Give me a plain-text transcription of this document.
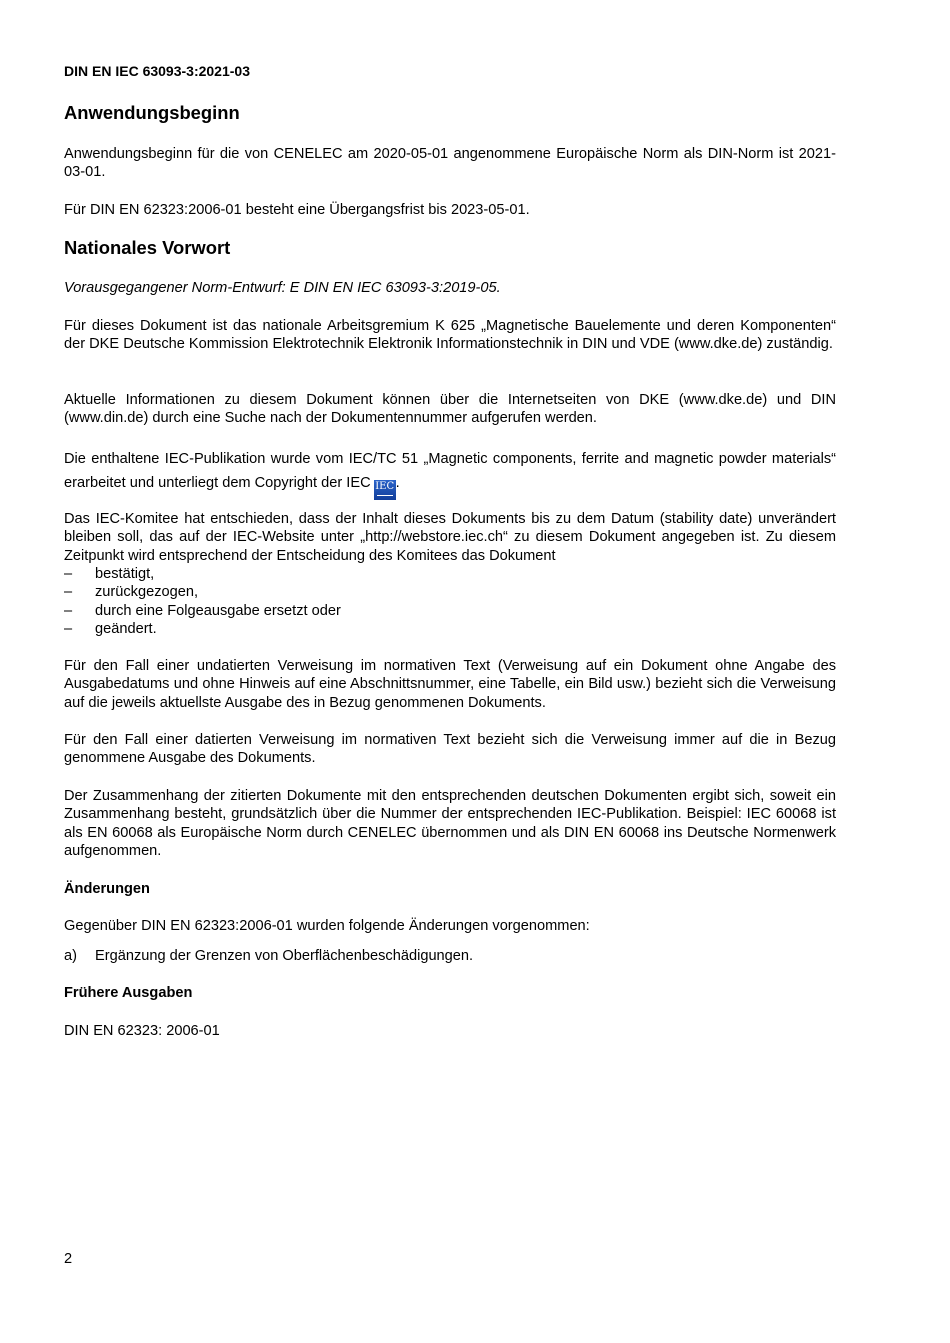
DIN EN IEC 63093-3:2021-03
Anwendungsbeginn
Anwendungsbeginn für die von CENELEC am 2020-05-01 angenommene Europäische Norm als DIN-Norm ist 2021-03-01.
Für DIN EN 62323:2006-01 besteht eine Übergangsfrist bis 2023-05-01.
Nationales Vorwort
Vorausgegangener Norm-Entwurf: E DIN EN IEC 63093-3:2019-05.
Für dieses Dokument ist das nationale Arbeitsgremium K 625 „Magnetische Bauelemente und deren Komponenten“ der DKE Deutsche Kommission Elektrotechnik Elektronik Informationstechnik in DIN und VDE (www.dke.de) zuständig.
Aktuelle Informationen zu diesem Dokument können über die Internetseiten von DKE (www.dke.de) und DIN (www.din.de) durch eine Suche nach der Dokumentennummer aufgerufen werden.
Die enthaltene IEC-Publikation wurde vom IEC/TC 51 „Magnetic components, ferrite and magnetic powder materials“ erarbeitet und unterliegt dem Copyright der IEC IEC .
Das IEC-Komitee hat entschieden, dass der Inhalt dieses Dokuments bis zu dem Datum (stability date) unverändert bleiben soll, das auf der IEC-Website unter „http://webstore.iec.ch“ zu diesem Dokument angegeben ist. Zu diesem Zeitpunkt wird entsprechend der Entscheidung des Komitees das Dokument
–	bestätigt,
–	zurückgezogen,
–	durch eine Folgeausgabe ersetzt oder
–	geändert.
Für den Fall einer undatierten Verweisung im normativen Text (Verweisung auf ein Dokument ohne Angabe des Ausgabedatums und ohne Hinweis auf eine Abschnittsnummer, eine Tabelle, ein Bild usw.) bezieht sich die Verweisung auf die jeweils aktuellste Ausgabe des in Bezug genommenen Dokuments.
Für den Fall einer datierten Verweisung im normativen Text bezieht sich die Verweisung immer auf die in Bezug genommene Ausgabe des Dokuments.
Der Zusammenhang der zitierten Dokumente mit den entsprechenden deutschen Dokumenten ergibt sich, soweit ein Zusammenhang besteht, grundsätzlich über die Nummer der entsprechenden IEC-Publikation. Beispiel: IEC 60068 ist als EN 60068 als Europäische Norm durch CENELEC übernommen und als DIN EN 60068 ins Deutsche Normenwerk aufgenommen.
Änderungen
Gegenüber DIN EN 62323:2006-01 wurden folgende Änderungen vorgenommen:
a)	Ergänzung der Grenzen von Oberflächenbeschädigungen.
Frühere Ausgaben
DIN EN 62323: 2006-01
2
